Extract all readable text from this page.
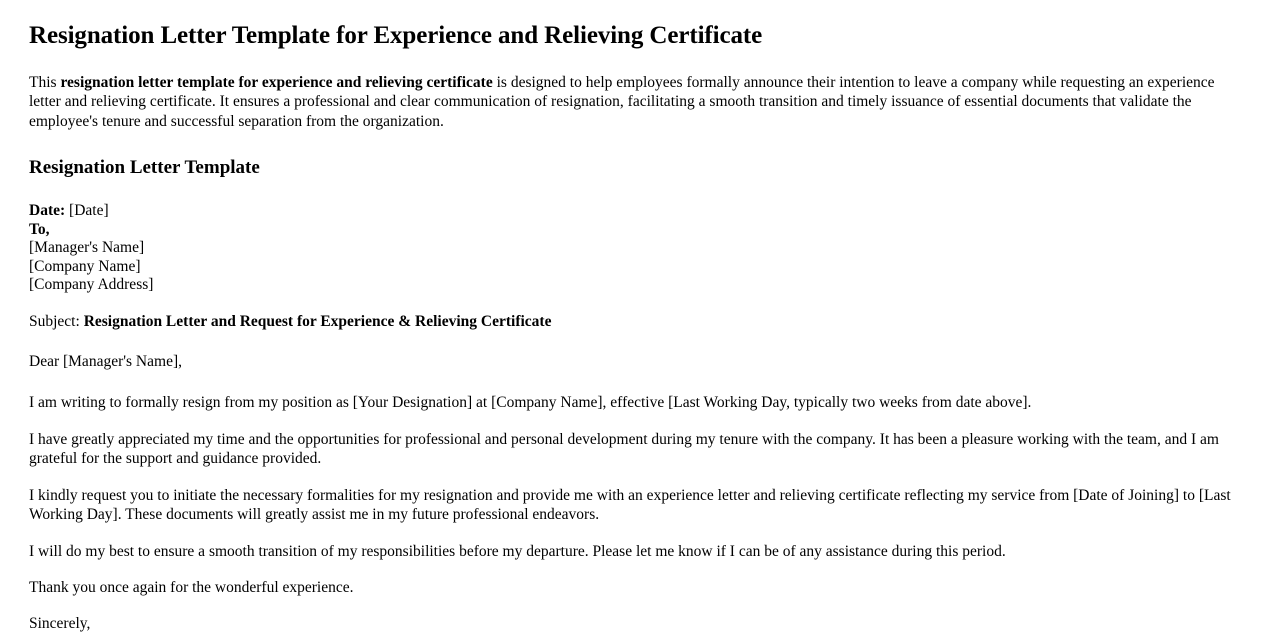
Resignation Letter Template for Experience and Relieving Certificate

This resignation letter template for experience and relieving certificate is designed to help employees formally announce their intention to leave a company while requesting an experience letter and relieving certificate. It ensures a professional and clear communication of resignation, facilitating a smooth transition and timely issuance of essential documents that validate the employee's tenure and successful separation from the organization.

Resignation Letter Template
Date: [Date]
To,
[Manager's Name]
[Company Name]
[Company Address]

Subject: Resignation Letter and Request for Experience & Relieving Certificate

Dear [Manager's Name],

I am writing to formally resign from my position as [Your Designation] at [Company Name], effective [Last Working Day, typically two weeks from date above].

I have greatly appreciated my time and the opportunities for professional and personal development during my tenure with the company. It has been a pleasure working with the team, and I am grateful for the support and guidance provided.

I kindly request you to initiate the necessary formalities for my resignation and provide me with an experience letter and relieving certificate reflecting my service from [Date of Joining] to [Last Working Day]. These documents will greatly assist me in my future professional endeavors.

I will do my best to ensure a smooth transition of my responsibilities before my departure. Please let me know if I can be of any assistance during this period.

Thank you once again for the wonderful experience.

Sincerely,
